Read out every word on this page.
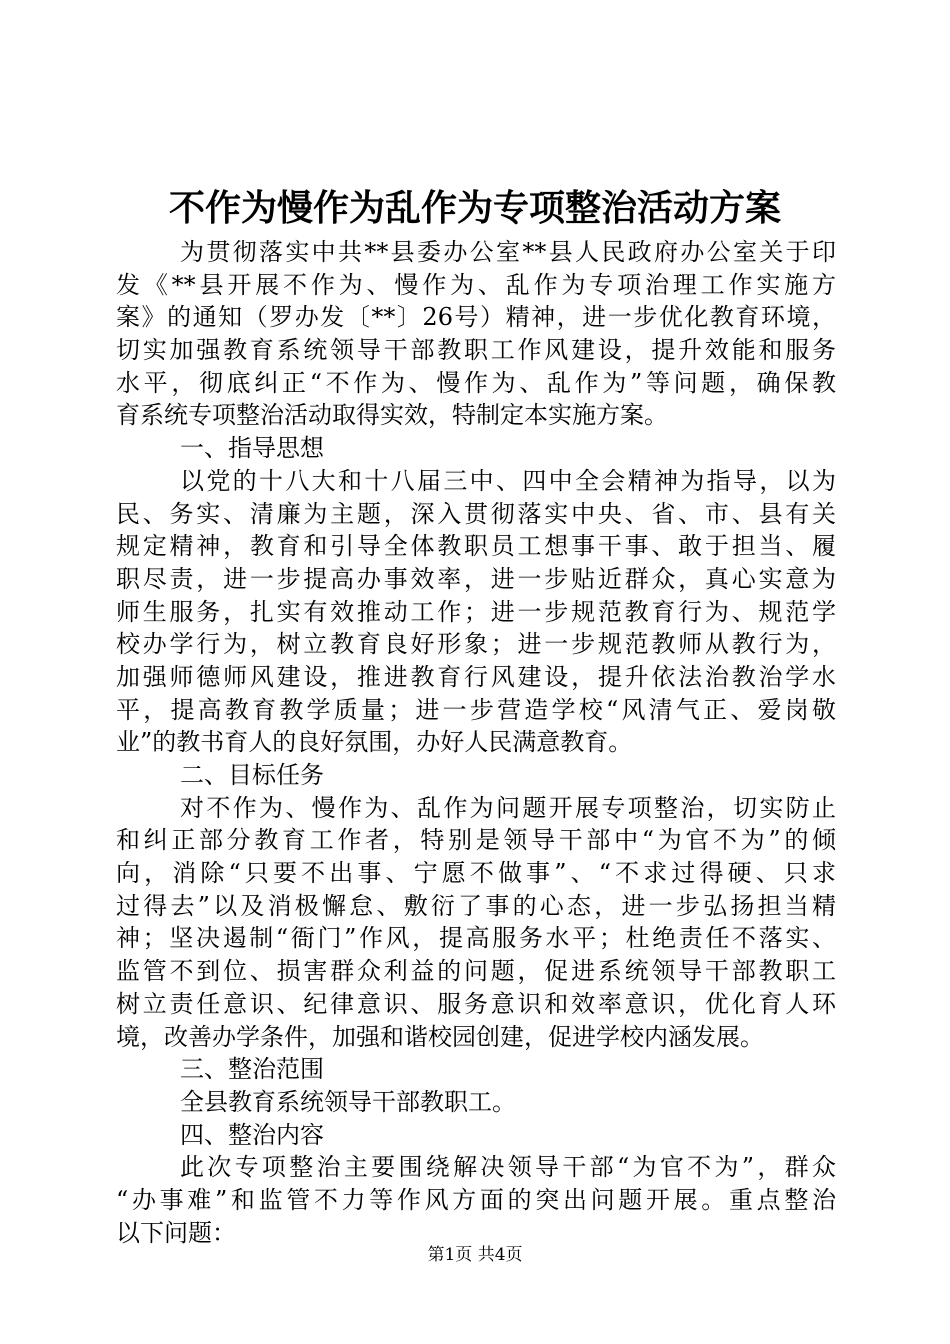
不作为慢作为乱作为专项整治活动方案
为贯彻落实中共**县委办公室**县人民政府办公室关于印
发《**县开展不作为、慢作为、乱作为专项治理工作实施方
案》的通知（罗办发〔**〕26号）精神，进一步优化教育环境，
切实加强教育系统领导干部教职工作风建设，提升效能和服务
水平，彻底纠正“不作为、慢作为、乱作为”等问题，确保教
育系统专项整治活动取得实效，特制定本实施方案。
一、指导思想
以党的十八大和十八届三中、四中全会精神为指导，以为
民、务实、清廉为主题，深入贯彻落实中央、省、市、县有关
规定精神，教育和引导全体教职员工想事干事、敢于担当、履
职尽责，进一步提高办事效率，进一步贴近群众，真心实意为
师生服务，扎实有效推动工作；进一步规范教育行为、规范学
校办学行为，树立教育良好形象；进一步规范教师从教行为，
加强师德师风建设，推进教育行风建设，提升依法治教治学水
平，提高教育教学质量；进一步营造学校“风清气正、爱岗敬
业”的教书育人的良好氛围，办好人民满意教育。
二、目标任务
对不作为、慢作为、乱作为问题开展专项整治，切实防止
和纠正部分教育工作者，特别是领导干部中“为官不为”的倾
向，消除“只要不出事、宁愿不做事”、“不求过得硬、只求
过得去”以及消极懈怠、敷衍了事的心态，进一步弘扬担当精
神；坚决遏制“衙门”作风，提高服务水平；杜绝责任不落实、
监管不到位、损害群众利益的问题，促进系统领导干部教职工
树立责任意识、纪律意识、服务意识和效率意识，优化育人环
境，改善办学条件，加强和谐校园创建，促进学校内涵发展。
三、整治范围
全县教育系统领导干部教职工。
四、整治内容
此次专项整治主要围绕解决领导干部“为官不为”，群众
“办事难”和监管不力等作风方面的突出问题开展。重点整治
以下问题：
第1页 共4页
